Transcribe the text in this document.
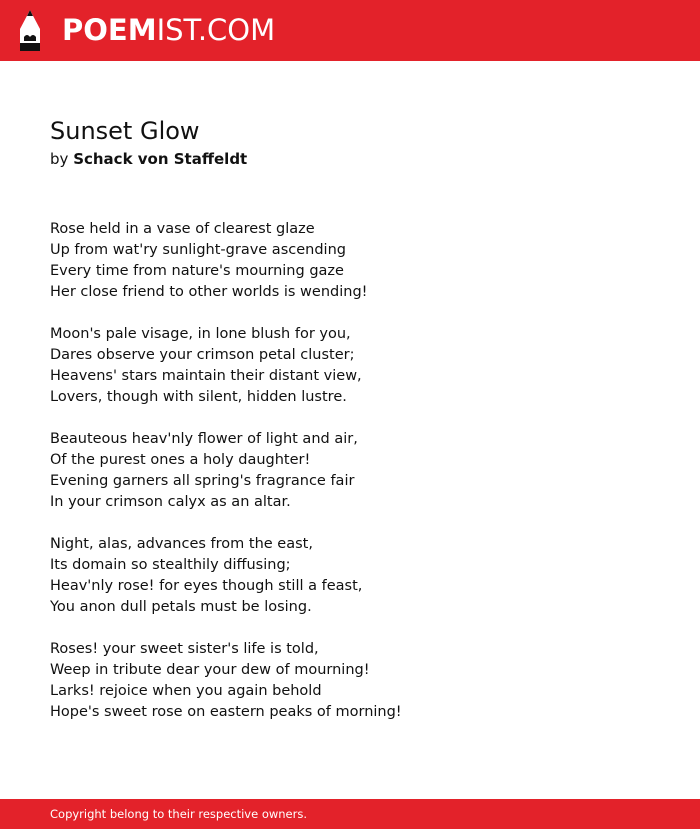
POEMIST.COM
Sunset Glow
by Schack von Staffeldt
Rose held in a vase of clearest glaze
Up from wat'ry sunlight-grave ascending
Every time from nature's mourning gaze
Her close friend to other worlds is wending!
Moon's pale visage, in lone blush for you,
Dares observe your crimson petal cluster;
Heavens' stars maintain their distant view,
Lovers, though with silent, hidden lustre.
Beauteous heav'nly flower of light and air,
Of the purest ones a holy daughter!
Evening garners all spring's fragrance fair
In your crimson calyx as an altar.
Night, alas, advances from the east,
Its domain so stealthily diffusing;
Heav'nly rose! for eyes though still a feast,
You anon dull petals must be losing.
Roses! your sweet sister's life is told,
Weep in tribute dear your dew of mourning!
Larks! rejoice when you again behold
Hope's sweet rose on eastern peaks of morning!
Copyright belong to their respective owners.
